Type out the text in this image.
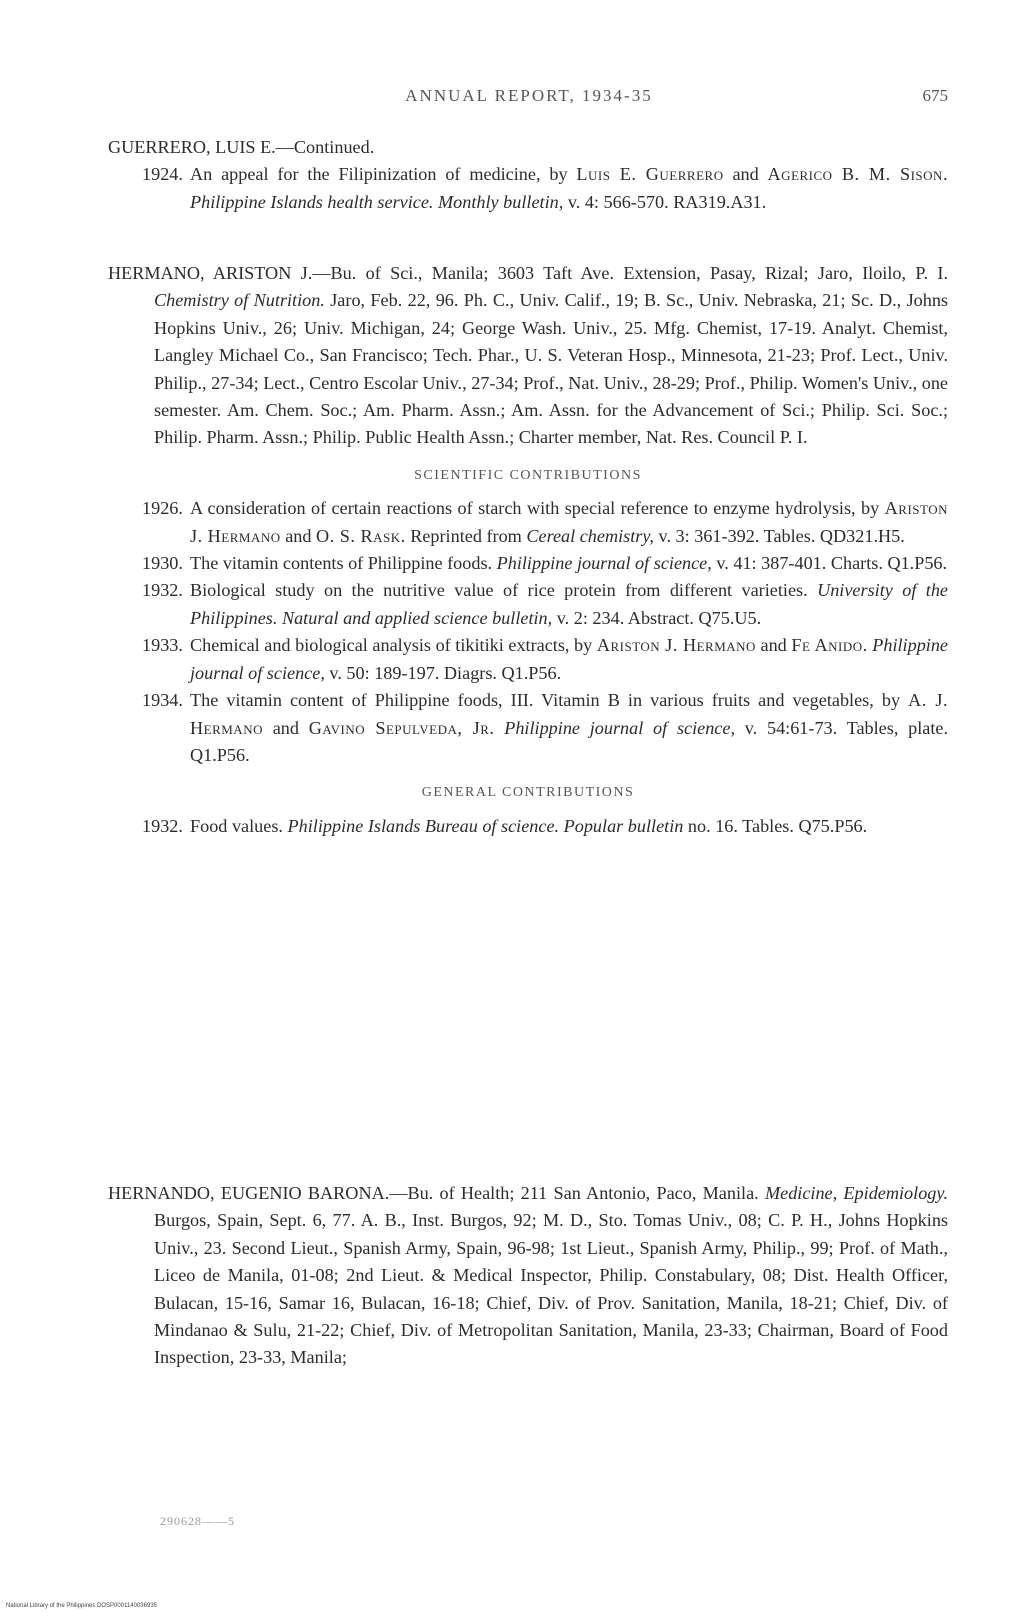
ANNUAL REPORT, 1934-35	675

GUERRERO, LUIS E.—Continued.

1924. An appeal for the Filipinization of medicine, by Luis E. Guerrero and Agerico B. M. Sison. Philippine Islands health service. Monthly bulletin, v. 4: 566-570. RA319.A31.

HERMANO, ARISTON J.—Bu. of Sci., Manila; 3603 Taft Ave. Extension, Pasay, Rizal; Jaro, Iloilo, P. I. Chemistry of Nutrition. Jaro, Feb. 22, 96. Ph. C., Univ. Calif., 19; B. Sc., Univ. Nebraska, 21; Sc. D., Johns Hopkins Univ., 26; Univ. Michigan, 24; George Wash. Univ., 25. Mfg. Chemist, 17-19. Analyt. Chemist, Langley Michael Co., San Francisco; Tech. Phar., U. S. Veteran Hosp., Minnesota, 21-23; Prof. Lect., Univ. Philip., 27-34; Lect., Centro Escolar Univ., 27-34; Prof., Nat. Univ., 28-29; Prof., Philip. Women's Univ., one semester. Am. Chem. Soc.; Am. Pharm. Assn.; Am. Assn. for the Advancement of Sci.; Philip. Sci. Soc.; Philip. Pharm. Assn.; Philip. Public Health Assn.; Charter member, Nat. Res. Council P. I.

SCIENTIFIC CONTRIBUTIONS

1926. A consideration of certain reactions of starch with special reference to enzyme hydrolysis, by Ariston J. Hermano and O. S. Rask. Reprinted from Cereal chemistry, v. 3: 361-392. Tables. QD321.H5.

1930. The vitamin contents of Philippine foods. Philippine journal of science, v. 41: 387-401. Charts. Q1.P56.

1932. Biological study on the nutritive value of rice protein from different varieties. University of the Philippines. Natural and applied science bulletin, v. 2: 234. Abstract. Q75.U5.

1933. Chemical and biological analysis of tikitiki extracts, by Ariston J. Hermano and Fe Anido. Philippine journal of science, v. 50: 189-197. Diagrs. Q1.P56.

1934. The vitamin content of Philippine foods, III. Vitamin B in various fruits and vegetables, by A. J. Hermano and Gavino Sepulveda, Jr. Philippine journal of science, v. 54:61-73. Tables, plate. Q1.P56.

GENERAL CONTRIBUTIONS

1932. Food values. Philippine Islands Bureau of science. Popular bulletin no. 16. Tables. Q75.P56.

HERNANDO, EUGENIO BARONA.—Bu. of Health; 211 San Antonio, Paco, Manila. Medicine, Epidemiology. Burgos, Spain, Sept. 6, 77. A. B., Inst. Burgos, 92; M. D., Sto. Tomas Univ., 08; C. P. H., Johns Hopkins Univ., 23. Second Lieut., Spanish Army, Spain, 96-98; 1st Lieut., Spanish Army, Philip., 99; Prof. of Math., Liceo de Manila, 01-08; 2nd Lieut. & Medical Inspector, Philip. Constabulary, 08; Dist. Health Officer, Bulacan, 15-16, Samar 16, Bulacan, 16-18; Chief, Div. of Prov. Sanitation, Manila, 18-21; Chief, Div. of Mindanao & Sulu, 21-22; Chief, Div. of Metropolitan Sanitation, Manila, 23-33; Chairman, Board of Food Inspection, 23-33, Manila;

290628——5
National Library of the Philippines DOSP0001140036935
